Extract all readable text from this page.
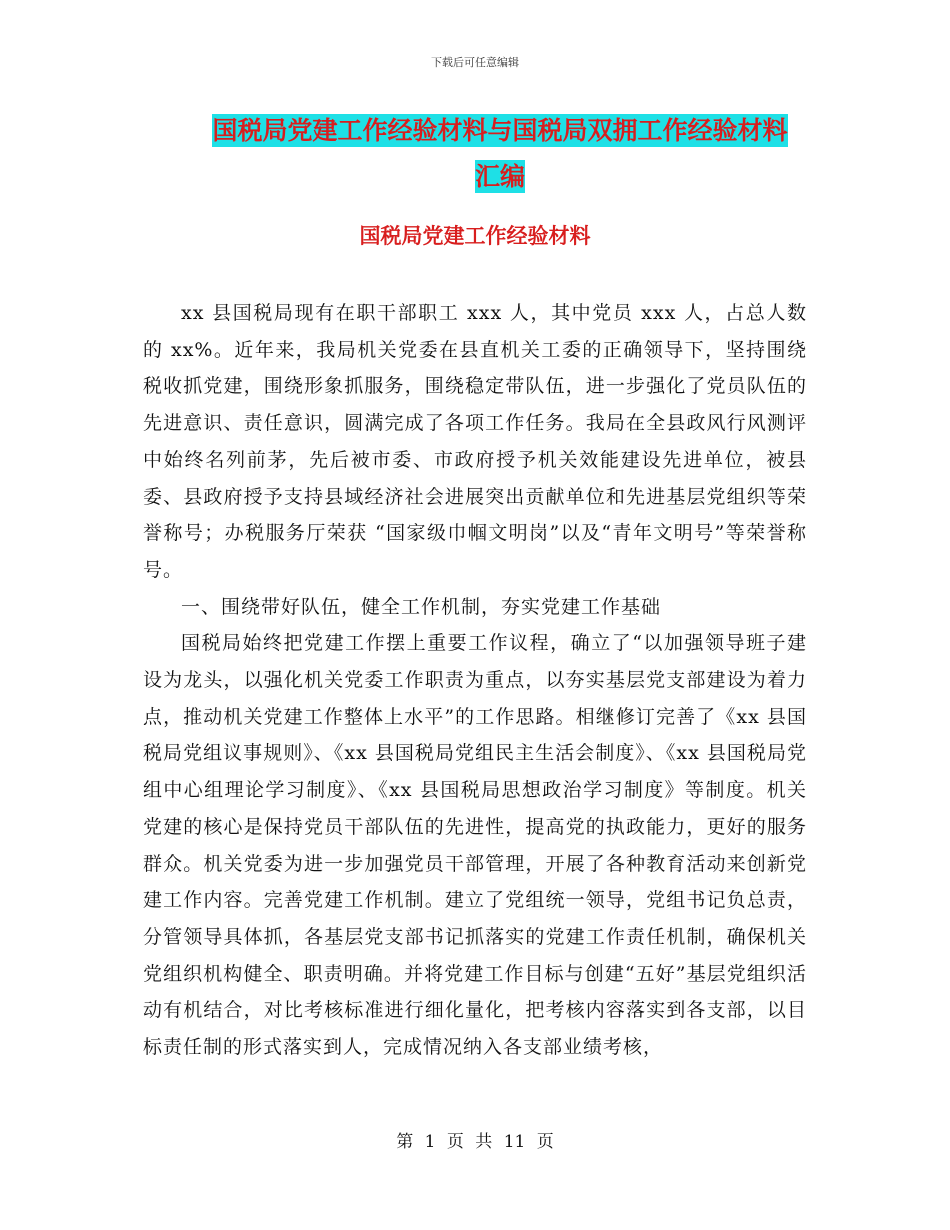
下载后可任意编辑
国税局党建工作经验材料与国税局双拥工作经验材料
汇编
国税局党建工作经验材料

xx 县国税局现有在职干部职工 xxx 人，其中党员 xxx 人，占总人数的 xx%。近年来，我局机关党委在县直机关工委的正确领导下，坚持围绕税收抓党建，围绕形象抓服务，围绕稳定带队伍，进一步强化了党员队伍的先进意识、责任意识，圆满完成了各项工作任务。我局在全县政风行风测评中始终名列前茅，先后被市委、市政府授予机关效能建设先进单位，被县委、县政府授予支持县域经济社会进展突出贡献单位和先进基层党组织等荣誉称号；办税服务厅荣获 “国家级巾帼文明岗”以及“青年文明号”等荣誉称号。

一、围绕带好队伍，健全工作机制，夯实党建工作基础

国税局始终把党建工作摆上重要工作议程，确立了“以加强领导班子建设为龙头，以强化机关党委工作职责为重点，以夯实基层党支部建设为着力点，推动机关党建工作整体上水平”的工作思路。相继修订完善了《xx 县国税局党组议事规则》、《xx 县国税局党组民主生活会制度》、《xx 县国税局党组中心组理论学习制度》、《xx 县国税局思想政治学习制度》等制度。机关党建的核心是保持党员干部队伍的先进性，提高党的执政能力，更好的服务群众。机关党委为进一步加强党员干部管理，开展了各种教育活动来创新党建工作内容。完善党建工作机制。建立了党组统一领导，党组书记负总责，分管领导具体抓，各基层党支部书记抓落实的党建工作责任机制，确保机关党组织机构健全、职责明确。并将党建工作目标与创建“五好”基层党组织活动有机结合，对比考核标准进行细化量化，把考核内容落实到各支部，以目标责任制的形式落实到人，完成情况纳入各支部业绩考核，

第 1 页 共 11 页
